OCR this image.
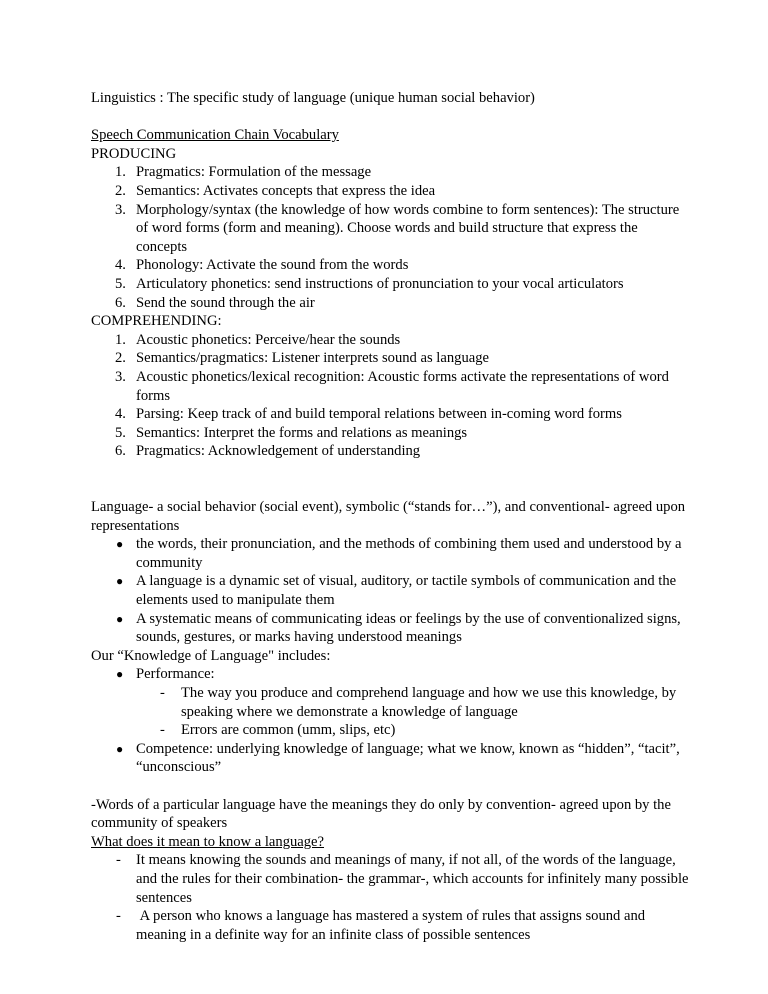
Linguistics : The specific study of language (unique human social behavior)

Speech Communication Chain Vocabulary

PRODUCING

1. Pragmatics: Formulation of the message
2. Semantics: Activates concepts that express the idea
3. Morphology/syntax (the knowledge of how words combine to form sentences): The structure of word forms (form and meaning). Choose words and build structure that express the concepts
4. Phonology: Activate the sound from the words
5. Articulatory phonetics: send instructions of pronunciation to your vocal articulators
6. Send the sound through the air

COMPREHENDING:

1. Acoustic phonetics: Perceive/hear the sounds
2. Semantics/pragmatics: Listener interprets sound as language
3. Acoustic phonetics/lexical recognition: Acoustic forms activate the representations of word forms
4. Parsing: Keep track of and build temporal relations between in-coming word forms
5. Semantics: Interpret the forms and relations as meanings
6. Pragmatics: Acknowledgement of understanding

Language- a social behavior (social event), symbolic (“stands for…”), and conventional- agreed upon representations

● the words, their pronunciation, and the methods of combining them used and understood by a community
● A language is a dynamic set of visual, auditory, or tactile symbols of communication and the elements used to manipulate them
● A systematic means of communicating ideas or feelings by the use of conventionalized signs, sounds, gestures, or marks having understood meanings

Our “Knowledge of Language" includes:

● Performance:
- The way you produce and comprehend language and how we use this knowledge, by speaking where we demonstrate a knowledge of language
- Errors are common (umm, slips, etc)
● Competence: underlying knowledge of language; what we know, known as “hidden”, “tacit”, “unconscious”

-Words of a particular language have the meanings they do only by convention- agreed upon by the community of speakers

What does it mean to know a language?

- It means knowing the sounds and meanings of many, if not all, of the words of the language, and the rules for their combination- the grammar-, which accounts for infinitely many possible sentences
- A person who knows a language has mastered a system of rules that assigns sound and meaning in a definite way for an infinite class of possible sentences
